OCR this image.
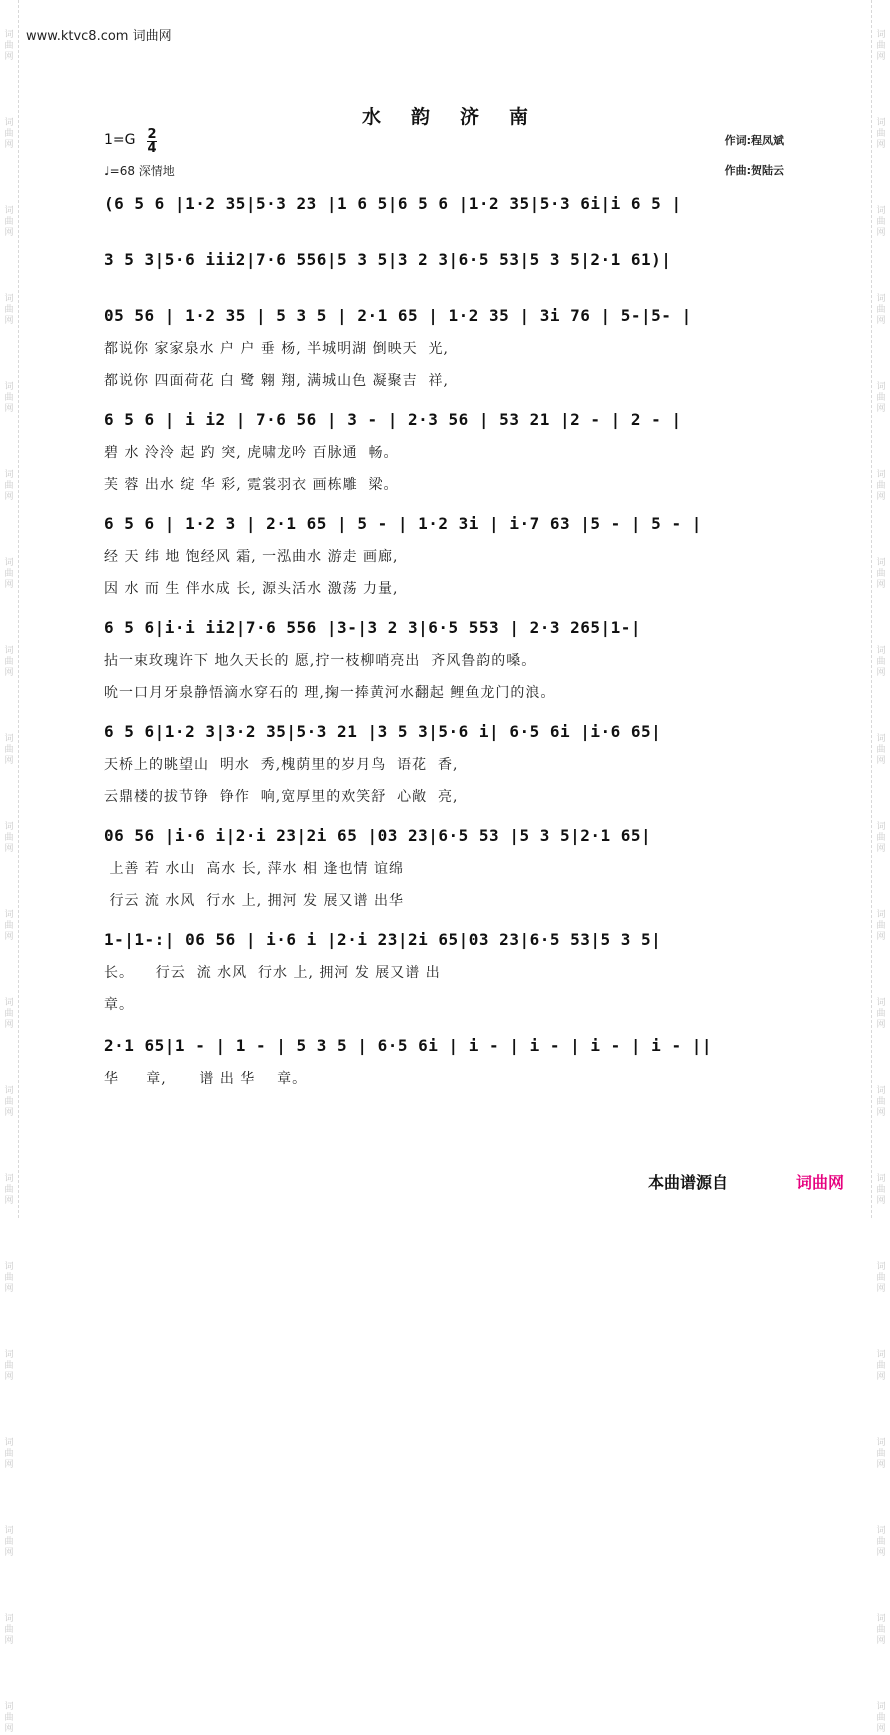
词
曲
网

词
曲
网

词
曲
网

词
曲
网

词
曲
网

词
曲
网

词
曲
网

词
曲
网

词
曲
网

词
曲
网

词
曲
网

词
曲
网

词
曲
网

词
曲
网

词
曲
网

词
曲
网

词
曲
网

词
曲
网

词
曲
网

词
曲
网
词
曲
网

词
曲
网

词
曲
网

词
曲
网

词
曲
网

词
曲
网

词
曲
网

词
曲
网

词
曲
网

词
曲
网

词
曲
网

词
曲
网

词
曲
网

词
曲
网

词
曲
网

词
曲
网

词
曲
网

词
曲
网

词
曲
网

词
曲
网
www.ktvc8.com 词曲网
水韵济南
1=G 2
4
♩=68 深情地
作词:程凤斌
作曲:贺陆云
(6 5 6 |1·2 35|5·3 23 |1 6 5|6 5 6 |1·2 35|5·3 6i|i 6 5 |
3 5 3|5·6 iii2|7·6 556|5 3 5|3 2 3|6·5 53|5 3 5|2·1 61)|
05 56 | 1·2 35 | 5 3 5 | 2·1 65 | 1·2 35 | 3i 76 | 5-|5- |
都说你 家家泉水 户 户 垂 杨, 半城明湖 倒映天  光,
都说你 四面荷花 白 鹭 翱 翔, 满城山色 凝聚吉  祥,
6 5 6 | i i2 | 7·6 56 | 3 - | 2·3 56 | 53 21 |2 - | 2 - |
碧 水 泠泠 起 趵 突, 虎啸龙吟 百脉通  畅。
芙 蓉 出水 绽 华 彩, 霓裳羽衣 画栋雕  梁。
6 5 6 | 1·2 3 | 2·1 65 | 5 - | 1·2 3i | i·7 63 |5 - | 5 - |
经 天 纬 地 饱经风 霜, 一泓曲水 游走 画廊,
因 水 而 生 伴水成 长, 源头活水 激荡 力量,
6 5 6|i·i ii2|7·6 556 |3-|3 2 3|6·5 553 | 2·3 265|1-|
拈一束玫瑰许下 地久天长的 愿,拧一枝柳哨亮出  齐风鲁韵的嗓。
吮一口月牙泉静悟滴水穿石的 理,掬一捧黄河水翻起 鲤鱼龙门的浪。
6 5 6|1·2 3|3·2 35|5·3 21 |3 5 3|5·6 i| 6·5 6i |i·6 65|
天桥上的眺望山  明水  秀,槐荫里的岁月鸟  语花  香,
云鼎楼的拔节铮  铮作  响,宽厚里的欢笑舒  心敞  亮,
06 56 |i·6 i|2·i 23|2i 65 |03 23|6·5 53 |5 3 5|2·1 65|
上善 若 水山  高水 长, 萍水 相 逢也情 谊绵
行云 流 水风  行水 上, 拥河 发 展又谱 出华
1-|1-:| 06 56 | i·6 i |2·i 23|2i 65|03 23|6·5 53|5 3 5|
长。    行云  流 水风  行水 上, 拥河 发 展又谱 出
章。
2·1 65|1 - | 1 - | 5 3 5 | 6·5 6i | i - | i - | i - | i - ||
华     章,      谱 出 华    章。
本曲谱源自	词曲网
